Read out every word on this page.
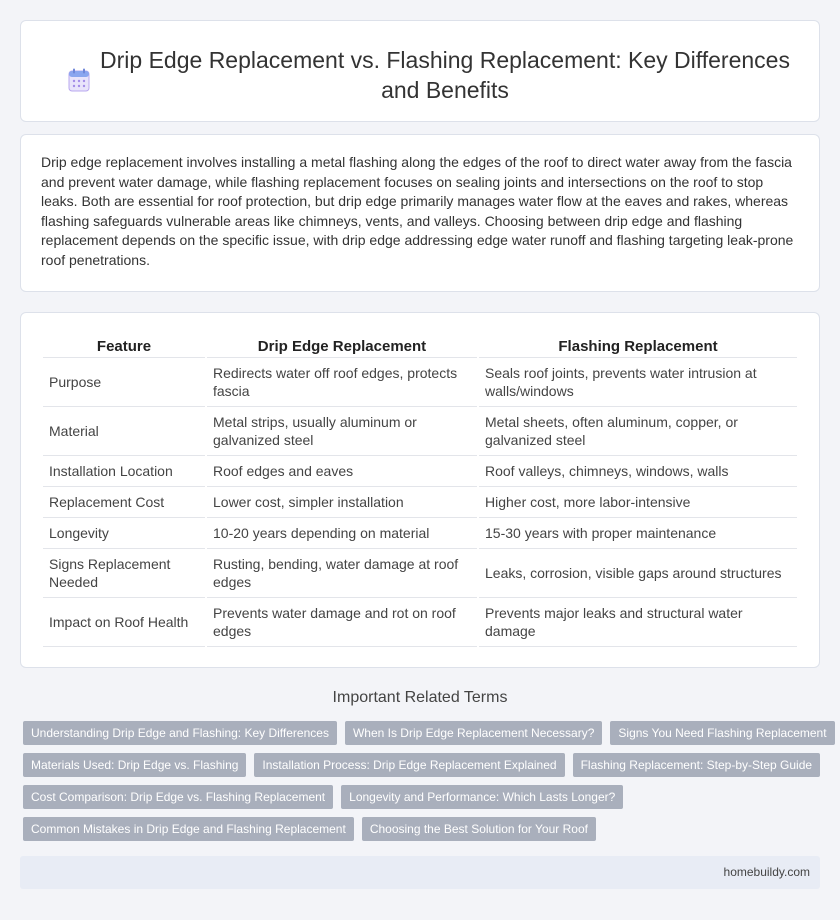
Drip Edge Replacement vs. Flashing Replacement: Key Differences and Benefits

Drip edge replacement involves installing a metal flashing along the edges of the roof to direct water away from the fascia and prevent water damage, while flashing replacement focuses on sealing joints and intersections on the roof to stop leaks. Both are essential for roof protection, but drip edge primarily manages water flow at the eaves and rakes, whereas flashing safeguards vulnerable areas like chimneys, vents, and valleys. Choosing between drip edge and flashing replacement depends on the specific issue, with drip edge addressing edge water runoff and flashing targeting leak-prone roof penetrations.

Feature	Drip Edge Replacement	Flashing Replacement
Purpose	Redirects water off roof edges, protects fascia	Seals roof joints, prevents water intrusion at walls/windows
Material	Metal strips, usually aluminum or galvanized steel	Metal sheets, often aluminum, copper, or galvanized steel
Installation Location	Roof edges and eaves	Roof valleys, chimneys, windows, walls
Replacement Cost	Lower cost, simpler installation	Higher cost, more labor-intensive
Longevity	10-20 years depending on material	15-30 years with proper maintenance
Signs Replacement Needed	Rusting, bending, water damage at roof edges	Leaks, corrosion, visible gaps around structures
Impact on Roof Health	Prevents water damage and rot on roof edges	Prevents major leaks and structural water damage
Important Related Terms
Understanding Drip Edge and Flashing: Key Differences	When Is Drip Edge Replacement Necessary?	Signs You Need Flashing Replacement
Materials Used: Drip Edge vs. Flashing	Installation Process: Drip Edge Replacement Explained	Flashing Replacement: Step-by-Step Guide
Cost Comparison: Drip Edge vs. Flashing Replacement	Longevity and Performance: Which Lasts Longer?
Common Mistakes in Drip Edge and Flashing Replacement	Choosing the Best Solution for Your Roof
homebuildy.com
